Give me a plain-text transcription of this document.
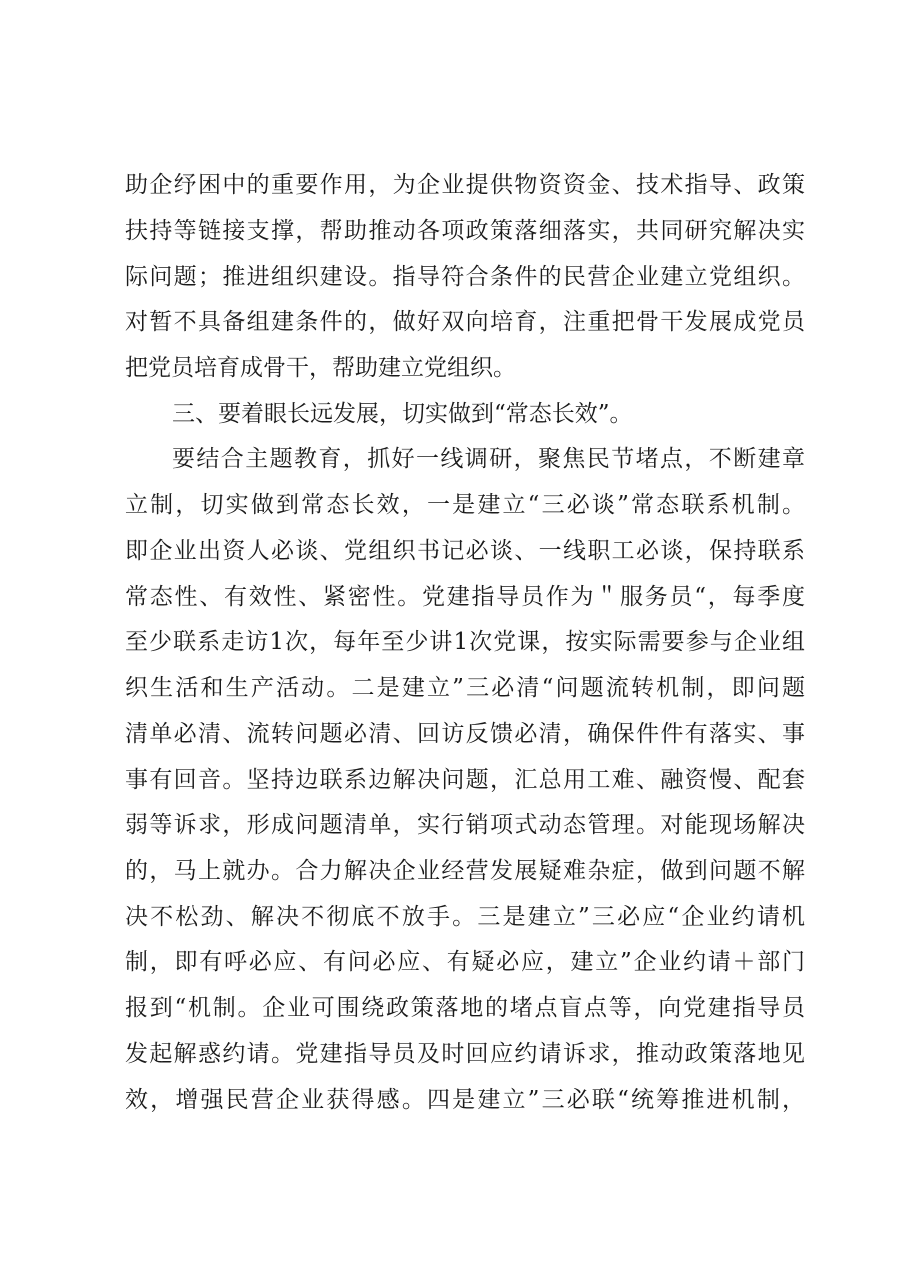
助企纾困中的重要作用，为企业提供物资资金、技术指导、政策
扶持等链接支撑，帮助推动各项政策落细落实，共同研究解决实
际问题；推进组织建设。指导符合条件的民营企业建立党组织。
对暂不具备组建条件的，做好双向培育，注重把骨干发展成党员
把党员培育成骨干，帮助建立党组织。
三、要着眼长远发展，切实做到“常态长效”。
要结合主题教育，抓好一线调研，聚焦民节堵点，不断建章
立制，切实做到常态长效，一是建立“三必谈”常态联系机制。
即企业出资人必谈、党组织书记必谈、一线职工必谈，保持联系
常态性、有效性、紧密性。党建指导员作为＂服务员“，每季度
至少联系走访1次，每年至少讲1次党课，按实际需要参与企业组
织生活和生产活动。二是建立”三必清“问题流转机制，即问题
清单必清、流转问题必清、回访反馈必清，确保件件有落实、事
事有回音。坚持边联系边解决问题，汇总用工难、融资慢、配套
弱等诉求，形成问题清单，实行销项式动态管理。对能现场解决
的，马上就办。合力解决企业经营发展疑难杂症，做到问题不解
决不松劲、解决不彻底不放手。三是建立”三必应“企业约请机
制，即有呼必应、有问必应、有疑必应，建立”企业约请＋部门
报到“机制。企业可围绕政策落地的堵点盲点等，向党建指导员
发起解惑约请。党建指导员及时回应约请诉求，推动政策落地见
效，增强民营企业获得感。四是建立”三必联“统筹推进机制，
